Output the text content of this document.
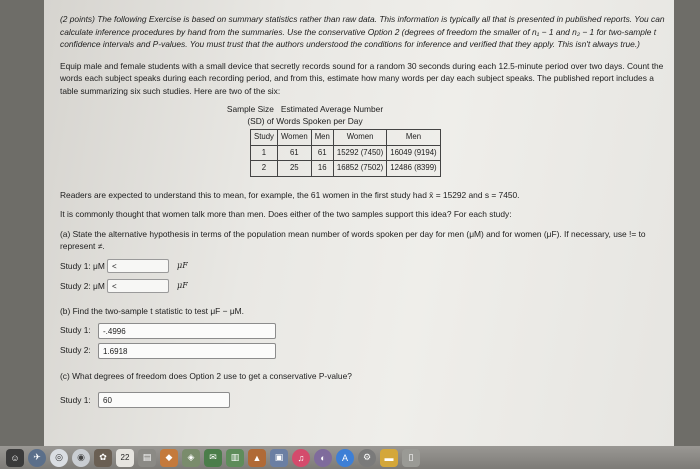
(2 points) The following Exercise is based on summary statistics rather than raw data. This information is typically all that is presented in published reports. You can calculate inference procedures by hand from the summaries. Use the conservative Option 2 (degrees of freedom the smaller of n₁ − 1 and n₂ − 1 for two-sample t confidence intervals and P-values. You must trust that the authors understood the conditions for inference and verified that they apply. This isn't always true.)

Equip male and female students with a small device that secretly records sound for a random 30 seconds during each 12.5-minute period over two days. Count the words each subject speaks during each recording period, and from this, estimate how many words per day each subject speaks. The published report includes a table summarizing six such studies. Here are two of the six:

Sample Size   Estimated Average Number
(SD) of Words Spoken per Day
Study	Women	Men	Women	Men
1	61	61	15292 (7450)	16049 (9194)
2	25	16	16852 (7502)	12486 (8399)

Readers are expected to understand this to mean, for example, the 61 women in the first study had x̄ = 15292 and s = 7450.

It is commonly thought that women talk more than men. Does either of the two samples support this idea? For each study:

(a) State the alternative hypothesis in terms of the population mean number of words spoken per day for men (μM) and for women (μF). If necessary, use != to represent ≠.
Study 1: μM <	μF
Study 2: μM <	μF
(b) Find the two-sample t statistic to test μF − μM.
Study 1:	-.4996
Study 2:	1.6918
(c) What degrees of freedom does Option 2 use to get a conservative P-value?
Study 1:	60
☺	✈	◎	◉	✿	22	▤	◆	◈	✉	▥	▲	▣	♫	◐	A	⚙	▬	▯
